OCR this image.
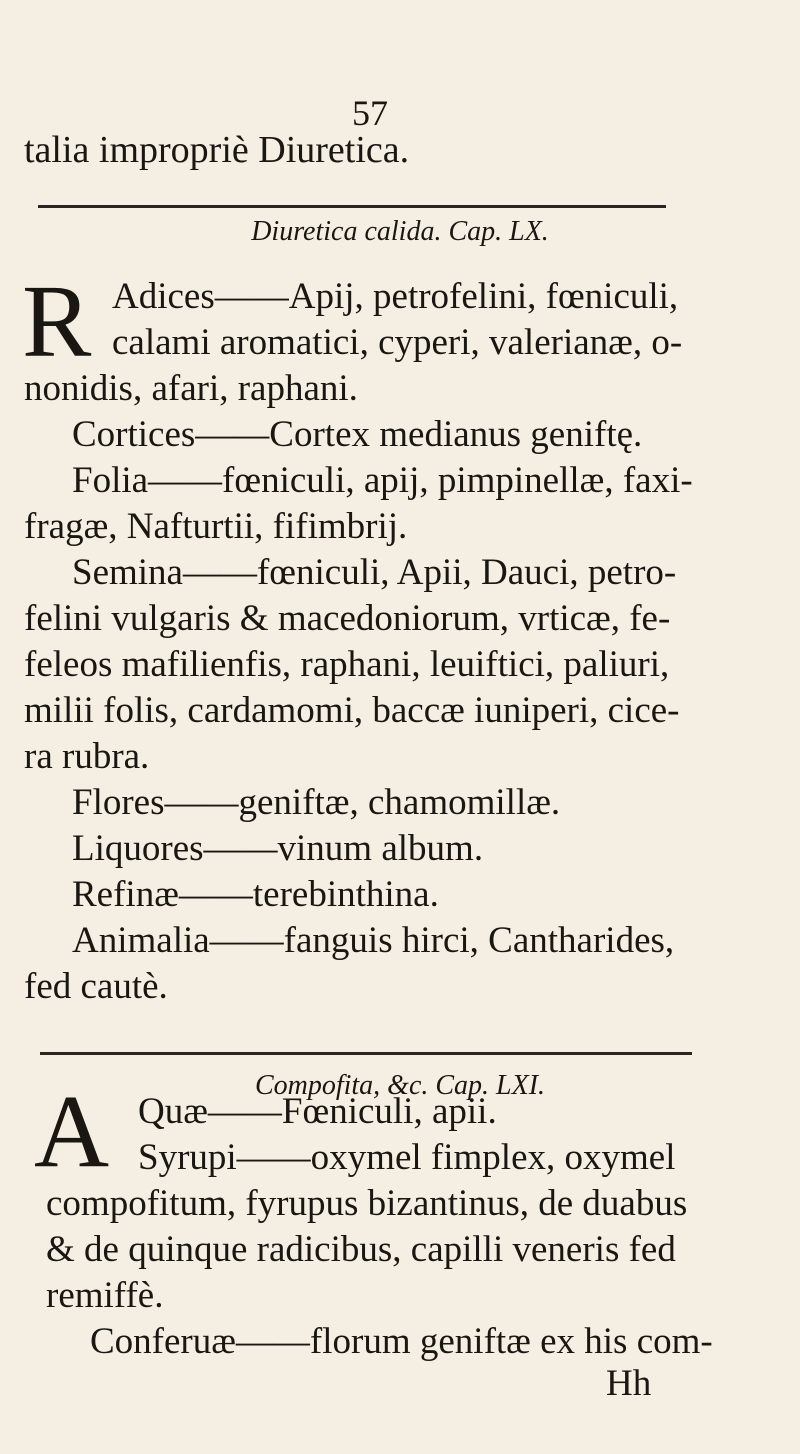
57
talia impropriè Diuretica.
Diuretica calida. Cap. LX.
R Adices——Apij, petrofelini, fœniculi,
calami aromatici, cyperi, valerianæ, o-
nonidis, afari, raphani.
Cortices——Cortex medianus geniftę.
Folia——fœniculi, apij, pimpinellæ, faxi-
fragæ, Nafturtii, fifimbrij.
Semina——fœniculi, Apii, Dauci, petro-
felini vulgaris & macedoniorum, vrticæ, fe-
feleos mafilienfis, raphani, leuiftici, paliuri,
milii folis, cardamomi, baccæ iuniperi, cice-
ra rubra.
Flores——geniftæ, chamomillæ.
Liquores——vinum album.
Refinæ——terebinthina.
Animalia——fanguis hirci, Cantharides,
fed cautè.
Compofita, &c. Cap. LXI.
A Quæ——Fœniculi, apii.
Syrupi——oxymel fimplex, oxymel
compofitum, fyrupus bizantinus, de duabus
& de quinque radicibus, capilli veneris fed
remiffè.
Conferuæ——florum geniftæ ex his com-
Hh
